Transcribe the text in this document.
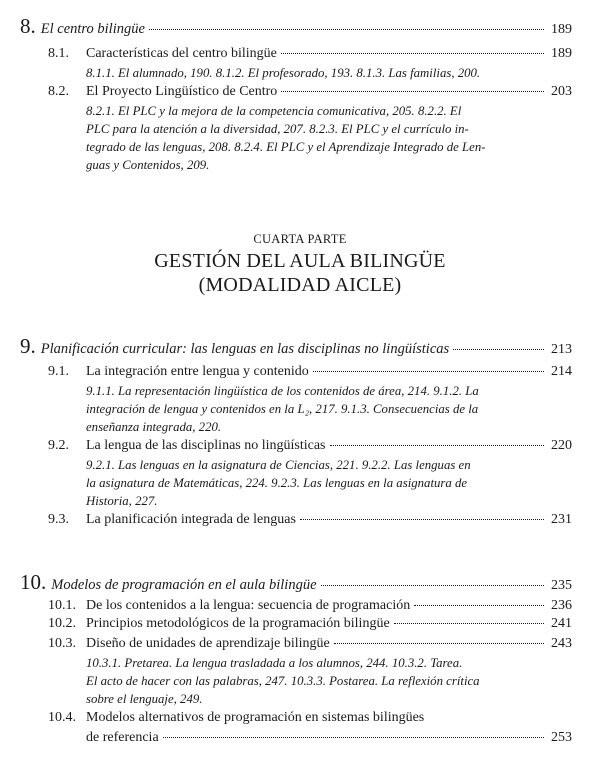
8. El centro bilingüe	189
8.1.	Características del centro bilingüe	189

8.1.1. El alumnado, 190. 8.1.2. El profesorado, 193. 8.1.3. Las familias, 200.

8.2.	El Proyecto Lingüístico de Centro	203

8.2.1. El PLC y la mejora de la competencia comunicativa, 205. 8.2.2. El
PLC para la atención a la diversidad, 207. 8.2.3. El PLC y el currículo in-
tegrado de las lenguas, 208. 8.2.4. El PLC y el Aprendizaje Integrado de Len-
guas y Contenidos, 209.

CUARTA PARTE
GESTIÓN DEL AULA BILINGÜE
(MODALIDAD AICLE)
9. Planificación curricular: las lenguas en las disciplinas no lingüísticas	213
9.1.	La integración entre lengua y contenido	214

9.1.1. La representación lingüística de los contenidos de área, 214. 9.1.2. La
integración de lengua y contenidos en la L₂, 217. 9.1.3. Consecuencias de la
enseñanza integrada, 220.

9.2.	La lengua de las disciplinas no lingüísticas	220

9.2.1. Las lenguas en la asignatura de Ciencias, 221. 9.2.2. Las lenguas en
la asignatura de Matemáticas, 224. 9.2.3. Las lenguas en la asignatura de
Historia, 227.

9.3.	La planificación integrada de lenguas	231
10. Modelos de programación en el aula bilingüe	235
10.1. De los contenidos a la lengua: secuencia de programación	236
10.2. Principios metodológicos de la programación bilingüe	241
10.3. Diseño de unidades de aprendizaje bilingüe	243

10.3.1. Pretarea. La lengua trasladada a los alumnos, 244. 10.3.2. Tarea.
El acto de hacer con las palabras, 247. 10.3.3. Postarea. La reflexión crítica
sobre el lenguaje, 249.

10.4. Modelos alternativos de programación en sistemas bilingües
de referencia	253
